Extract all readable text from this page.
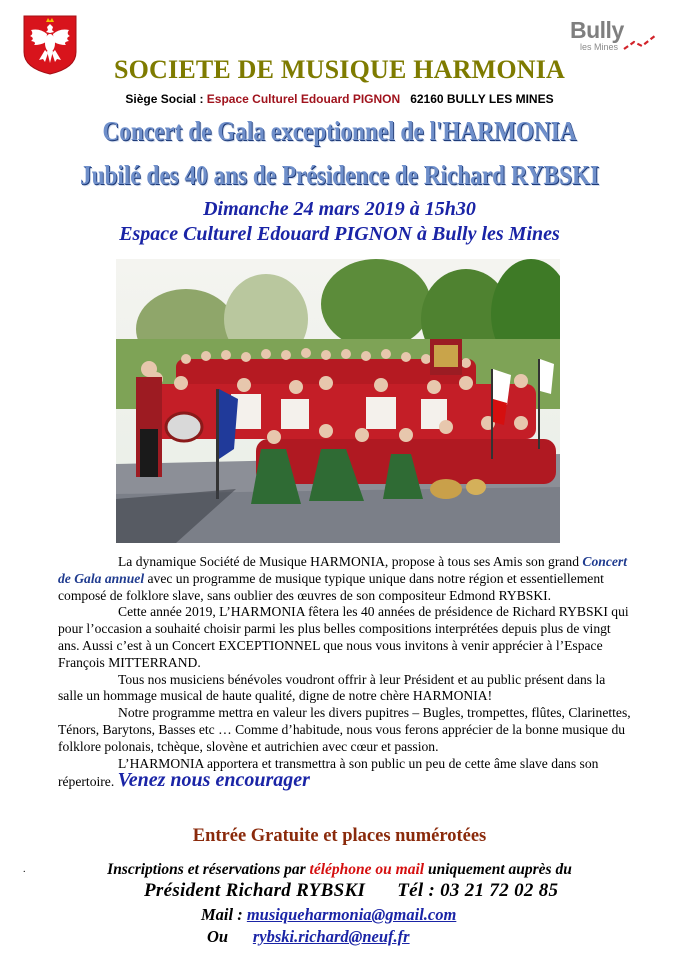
Bully
les Mines
SOCIETE DE MUSIQUE HARMONIA
Siège Social : Espace Culturel Edouard PIGNON 62160 BULLY LES MINES
Concert de Gala exceptionnel de l'HARMONIA
Jubilé des 40 ans de Présidence de Richard RYBSKI
Dimanche 24 mars 2019 à 15h30
Espace Culturel Edouard PIGNON à Bully les Mines

La dynamique Société de Musique HARMONIA, propose à tous ses Amis son grand Concert de Gala annuel avec un programme de musique typique unique dans notre région et essentiellement composé de folklore slave, sans oublier des œuvres de son compositeur Edmond RYBSKI.

Cette année 2019, L’HARMONIA fêtera les 40 années de présidence de Richard RYBSKI qui pour l’occasion a souhaité choisir parmi les plus belles compositions interprétées depuis plus de vingt ans. Aussi c’est à un Concert EXCEPTIONNEL que nous vous invitons à venir apprécier à l’Espace François MITTERRAND.

Tous nos musiciens bénévoles voudront offrir à leur Président et au public présent dans la salle un hommage musical de haute qualité, digne de notre chère HARMONIA!

Notre programme mettra en valeur les divers pupitres – Bugles, trompettes, flûtes, Clarinettes, Ténors, Barytons, Basses etc … Comme d’habitude, nous vous ferons apprécier de la bonne musique du folklore polonais, tchèque, slovène et autrichien avec cœur et passion.

L’HARMONIA apportera et transmettra à son public un peu de cette âme slave dans son répertoire. Venez nous encourager

Entrée Gratuite et places numérotées
.	Inscriptions et réservations par téléphone ou mail uniquement auprès du
Président Richard RYBSKI Tél : 03 21 72 02 85
Mail : musiqueharmonia@gmail.com
Ou rybski.richard@neuf.fr
